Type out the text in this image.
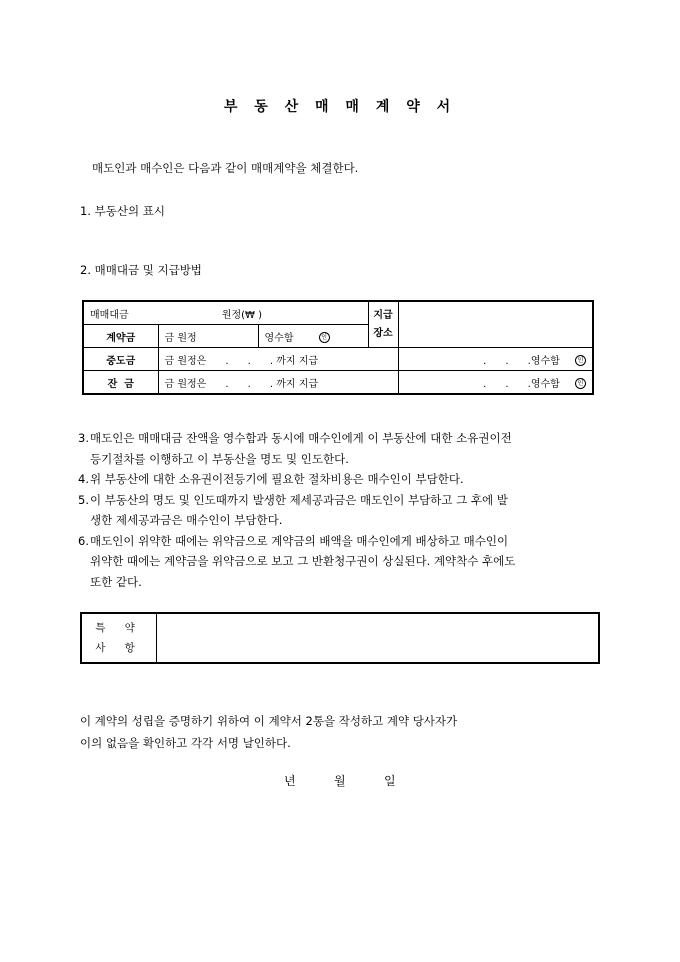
부 동 산 매 매 계 약 서
매도인과 매수인은 다음과 같이 매매계약을 체결한다.
1. 부동산의 표시
2. 매매대금 및 지급방법
매매대금 원정(₩ )			지급
장소	
계약금	금 원정	영수함 인		
중도금	금 원정은      .      .      . 까지 지급			.      .      .영수함 인
잔  금	금 원정은      .      .      . 까지 지급			.      .      .영수함 인
3. 매도인은 매매대금 잔액을 영수함과 동시에 매수인에게 이 부동산에 대한 소유권이전
등기절차를 이행하고 이 부동산을 명도 및 인도한다.
4. 위 부동산에 대한 소유권이전등기에 필요한 절차비용은 매수인이 부담한다.
5. 이 부동산의 명도 및 인도때까지 발생한 제세공과금은 매도인이 부담하고 그 후에 발
생한 제세공과금은 매수인이 부담한다.
6. 매도인이 위약한 때에는 위약금으로 계약금의 배액을 매수인에게 배상하고 매수인이
위약한 때에는 계약금을 위약금으로 보고 그 반환청구권이 상실된다. 계약착수 후에도
또한 같다.
특 약
사 항
이 계약의 성립을 증명하기 위하여 이 계약서 2통을 작성하고 계약 당사자가
이의 없음을 확인하고 각각 서명 날인하다.
년	월	일
